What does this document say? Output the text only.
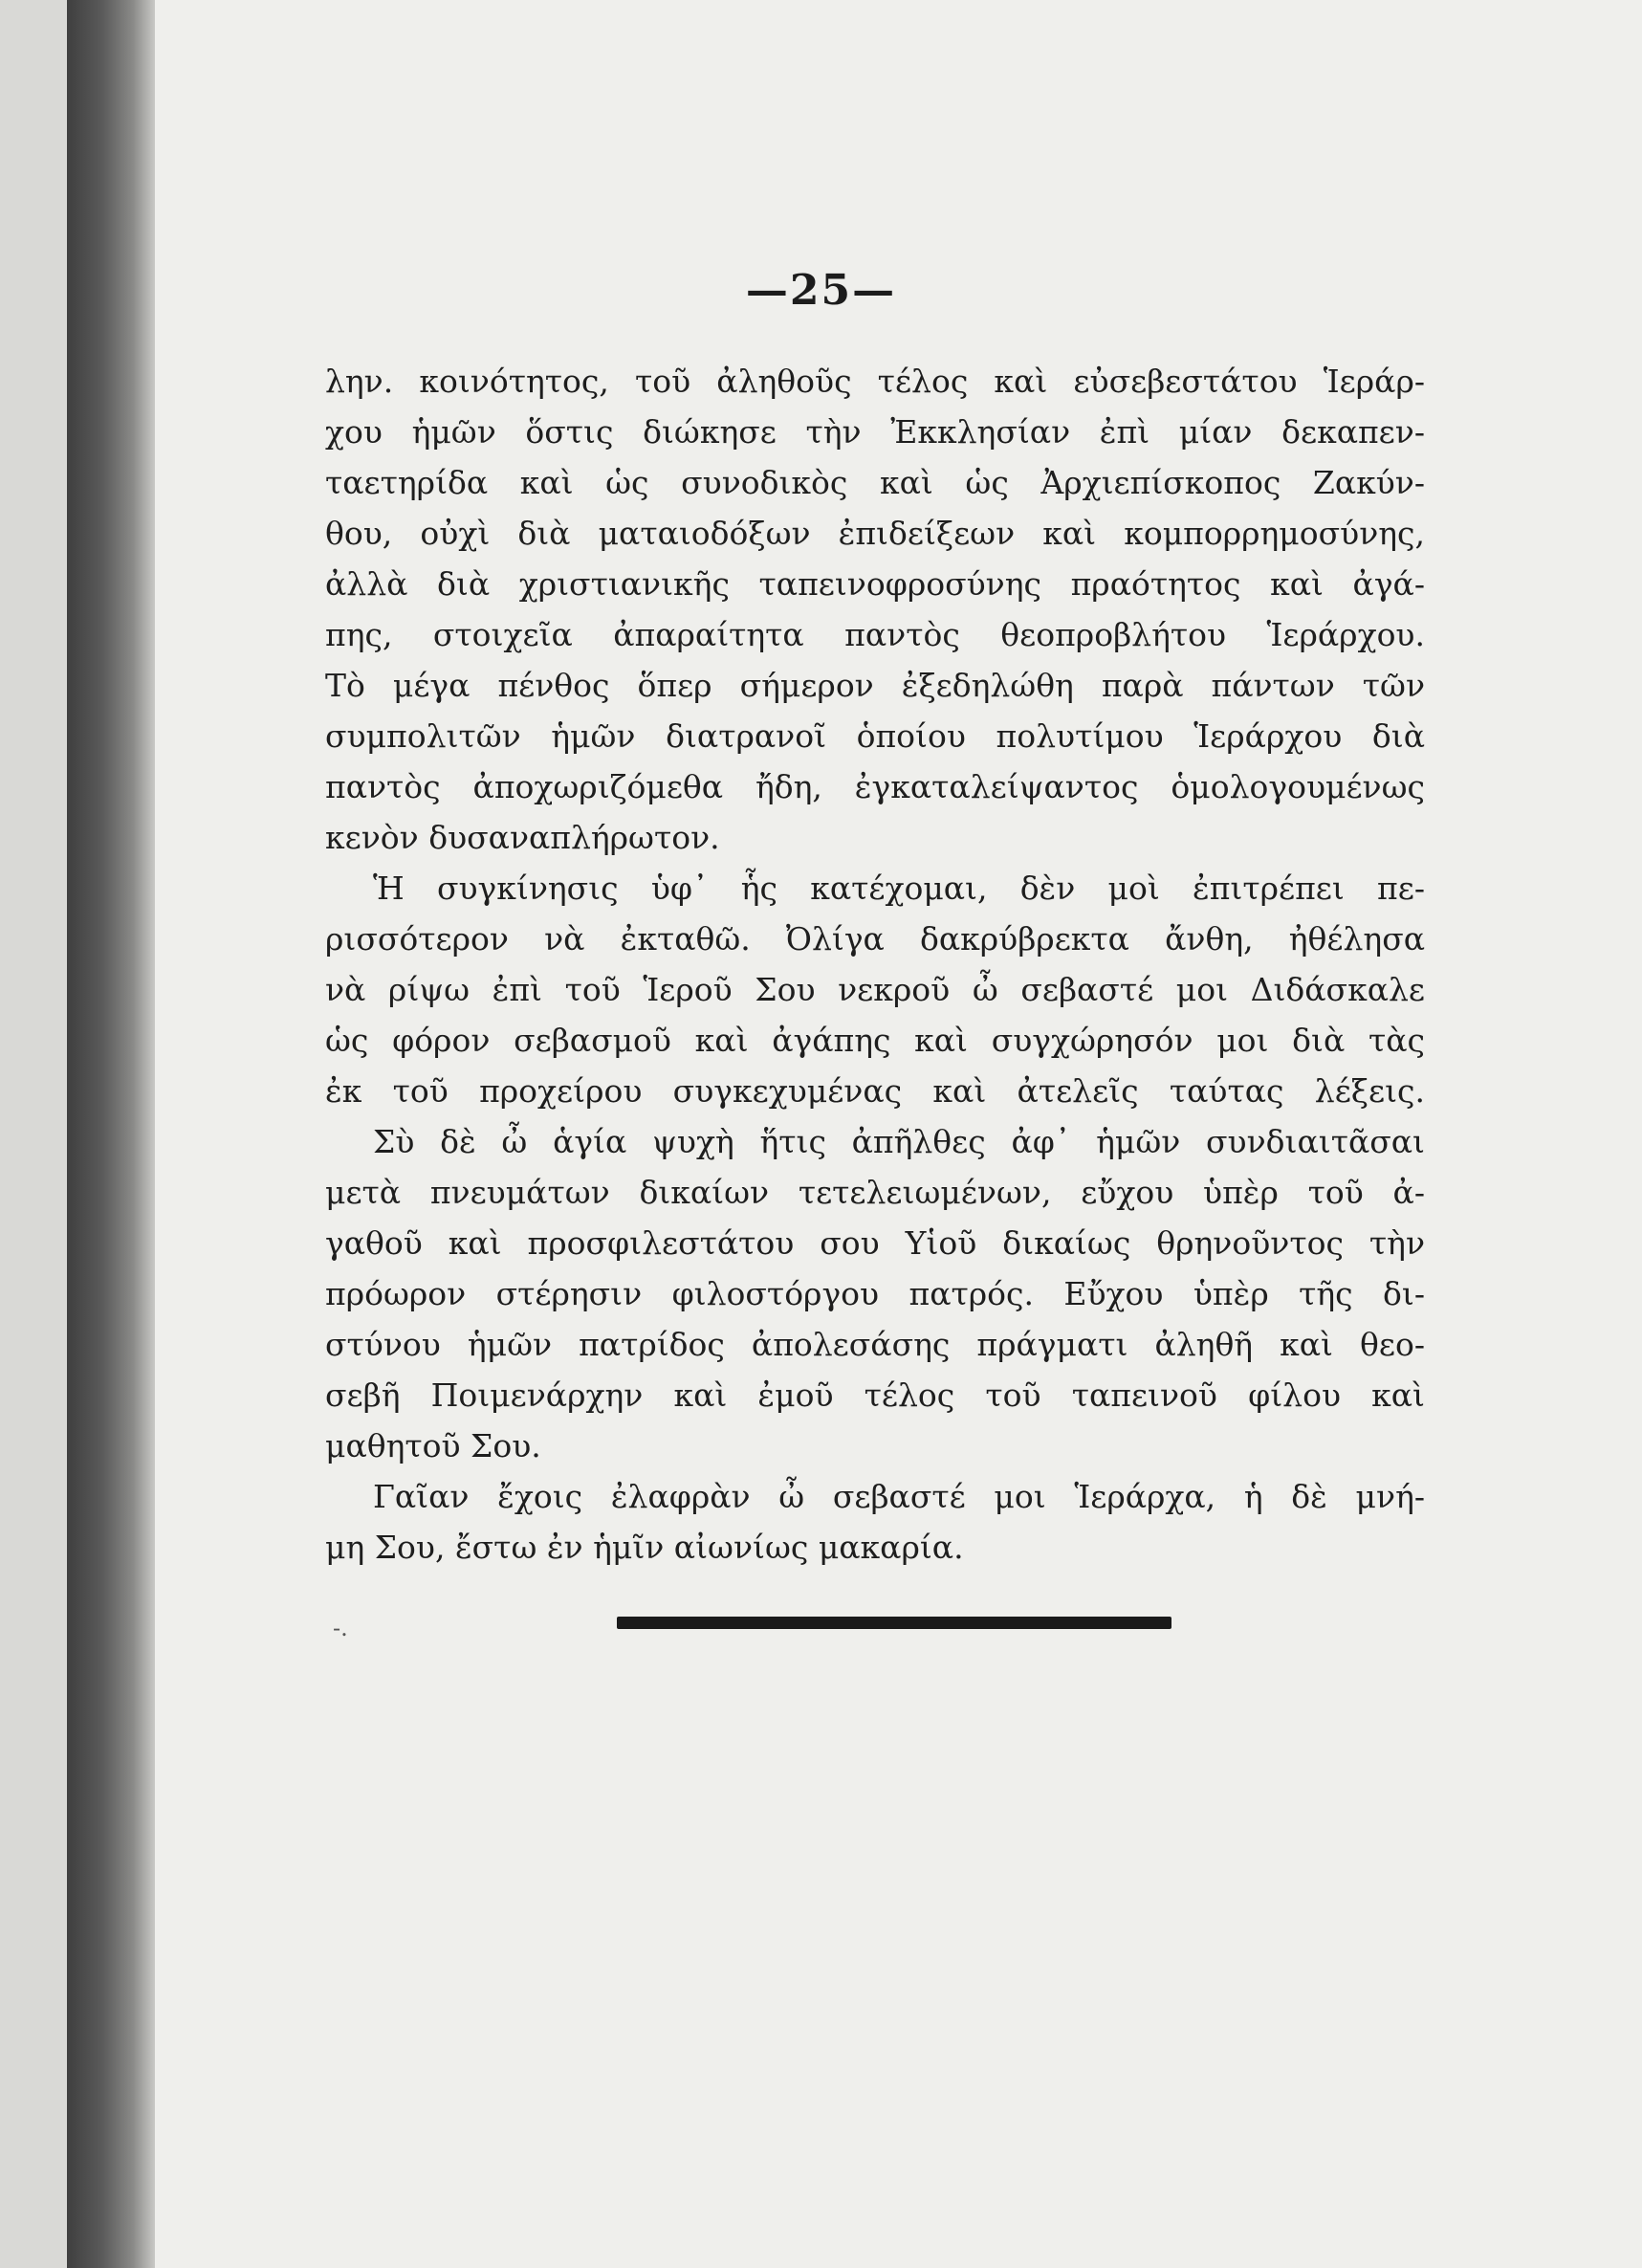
—25—
λην. κοινότητος, τοῦ ἀληθοῦς τέλος καὶ εὐσεβεστάτου Ἱεράρ-
χου ἡμῶν ὅστις διώκησε τὴν Ἐκκλησίαν ἐπὶ μίαν δεκαπεν-
ταετηρίδα καὶ ὡς συνοδικὸς καὶ ὡς Ἀρχιεπίσκοπος Ζακύν-
θου, οὐχὶ διὰ ματαιοδόξων ἐπιδείξεων καὶ κομπορρημοσύνης,
ἀλλὰ διὰ χριστιανικῆς ταπεινοφροσύνης πραότητος καὶ ἀγά-
πης, στοιχεῖα ἀπαραίτητα παντὸς θεοπροβλήτου Ἱεράρχου.
Τὸ μέγα πένθος ὅπερ σήμερον ἐξεδηλώθη παρὰ πάντων τῶν
συμπολιτῶν ἡμῶν διατρανοῖ ὁποίου πολυτίμου Ἱεράρχου διὰ
παντὸς ἀποχωριζόμεθα ἤδη, ἐγκαταλείψαντος ὁμολογουμένως
κενὸν δυσαναπλήρωτον.
Ἡ συγκίνησις ὑφ᾽ ἧς κατέχομαι, δὲν μοὶ ἐπιτρέπει πε-
ρισσότερον νὰ ἐκταθῶ. Ὀλίγα δακρύβρεκτα ἄνθη, ἠθέλησα
νὰ ρίψω ἐπὶ τοῦ Ἱεροῦ Σου νεκροῦ ὦ σεβαστέ μοι Διδάσκαλε
ὡς φόρον σεβασμοῦ καὶ ἀγάπης καὶ συγχώρησόν μοι διὰ τὰς
ἐκ τοῦ προχείρου συγκεχυμένας καὶ ἀτελεῖς ταύτας λέξεις.
Σὺ δὲ ὦ ἁγία ψυχὴ ἥτις ἀπῆλθες ἀφ᾽ ἡμῶν συνδιαιτᾶσαι
μετὰ πνευμάτων δικαίων τετελειωμένων, εὔχου ὑπὲρ τοῦ ἀ-
γαθοῦ καὶ προσφιλεστάτου σου Υἱοῦ δικαίως θρηνοῦντος τὴν
πρόωρον στέρησιν φιλοστόργου πατρός. Εὔχου ὑπὲρ τῆς δι-
στύνου ἡμῶν πατρίδος ἀπολεσάσης πράγματι ἀληθῆ καὶ θεο-
σεβῆ Ποιμενάρχην καὶ ἐμοῦ τέλος τοῦ ταπεινοῦ φίλου καὶ
μαθητοῦ Σου.
Γαῖαν ἔχοις ἐλαφρὰν ὦ σεβαστέ μοι Ἱεράρχα, ἡ δὲ μνή-
μη Σου, ἔστω ἐν ἡμῖν αἰωνίως μακαρία.
-.
